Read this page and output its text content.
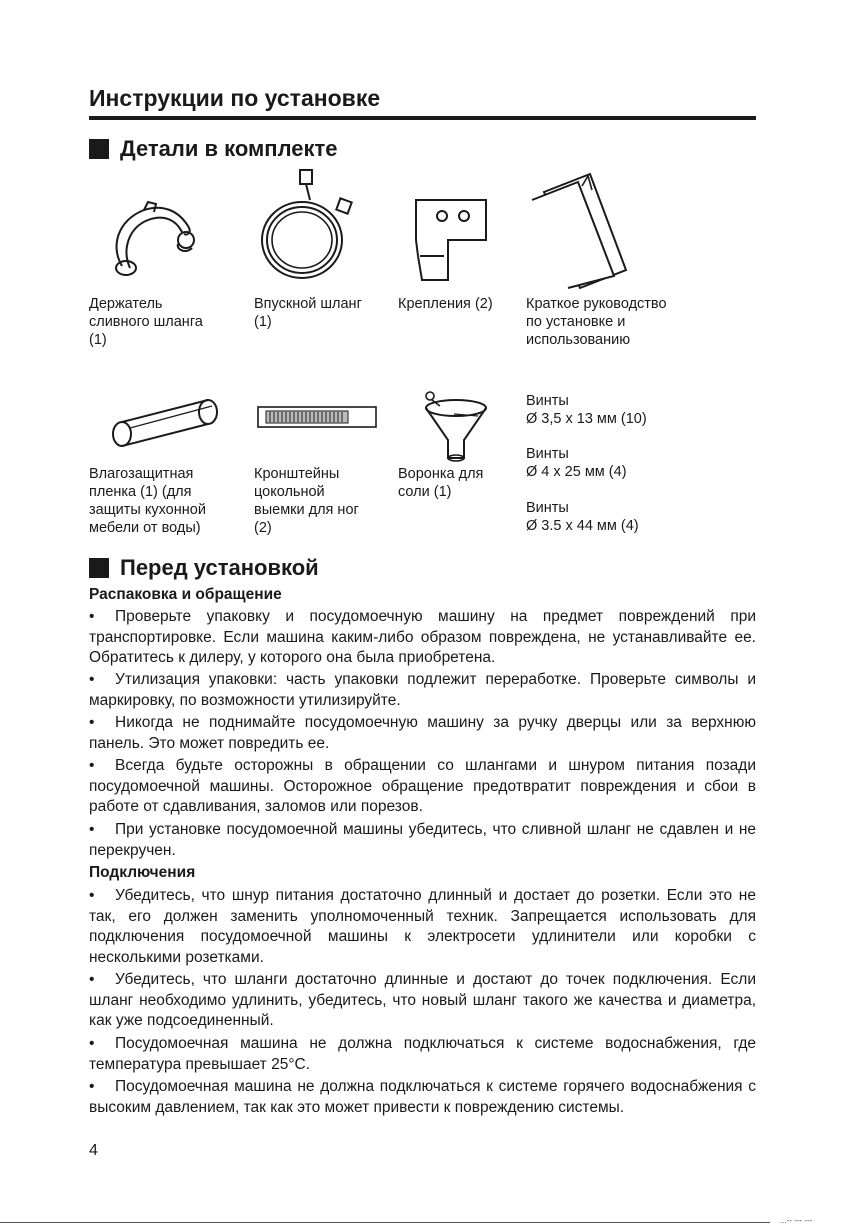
Инструкции по установке
Детали в комплекте
Держатель
сливного шланга
(1)
Впускной шланг
(1)
Крепления (2) Краткое руководство
по установке и
использованию
Влагозащитная
пленка (1) (для
защиты кухонной
мебели от воды)
Кронштейны
цокольной
выемки для ног
(2)
Воронка для
соли (1)
Винты
Ø 3,5 x 13 мм (10)
Винты
Ø 4 x 25 мм (4)
Винты
Ø 3.5 x 44 мм (4)
Перед установкой
Распаковка и обращение

• Проверьте упаковку и посудомоечную машину на предмет повреждений при транспортировке. Если машина каким-либо образом повреждена, не устанавливайте ее. Обратитесь к дилеру, у которого она была приобретена.

• Утилизация упаковки: часть упаковки подлежит переработке. Проверьте символы и маркировку, по возможности утилизируйте.

• Никогда не поднимайте посудомоечную машину за ручку дверцы или за верхнюю панель. Это может повредить ее.

• Всегда будьте осторожны в обращении со шлангами и шнуром питания позади посудомоечной машины. Осторожное обращение предотвратит повреждения и сбои в работе от сдавливания, заломов или порезов.

• При установке посудомоечной машины убедитесь, что сливной шланг не сдавлен и не перекручен.

Подключения

• Убедитесь, что шнур питания достаточно длинный и достает до розетки. Если это не так, его должен заменить уполномоченный техник. Запрещается использовать для подключения посудомоечной машины к электросети удлинители или коробки с несколькими розетками.

• Убедитесь, что шланги достаточно длинные и достают до точек подключения. Если шланг необходимо удлинить, убедитесь, что новый шланг такого же качества и диаметра, как уже подсоединенный.

• Посудомоечная машина не должна подключаться к системе водоснабжения, где температура превышает 25°C.

• Посудомоечная машина не должна подключаться к системе горячего водоснабжения с высоким давлением, так как это может привести к повреждению системы.

4
...-- --- ---
